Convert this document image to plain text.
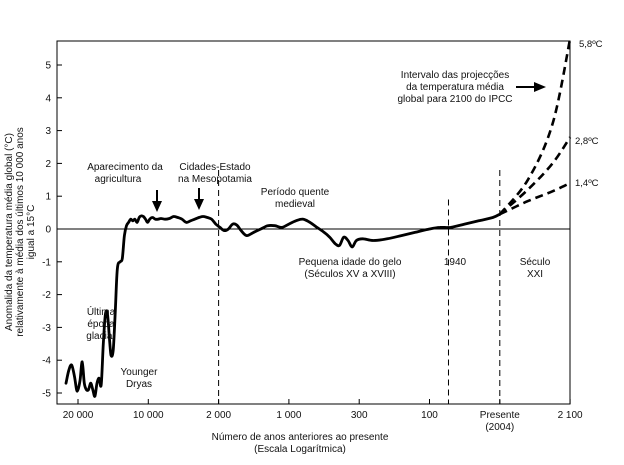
5
4
3
2
1
0
-1
-2
-3
-4
-5
20 000	10 000	2 000	1 000	300	100	Presente
(2004)
2 100
Anomalida da temperatura média global (°C) relativamente à média dos últimos 10 000 anos igual a 15°C
Número de anos anteriores ao presente
(Escala Logarítmica)
Intervalo das projecções
da temperatura média
global para 2100 do IPCC
Aparecimento da
agricultura
Cidades-Estado
na Mesopotamia
Período quente
medieval
Pequena idade do gelo
(Séculos XV a XVIII)
1940	Século
XXI
Última
época
glaciar
Younger
Dryas
5,8ºC
2,8ºC
1,4ºC
